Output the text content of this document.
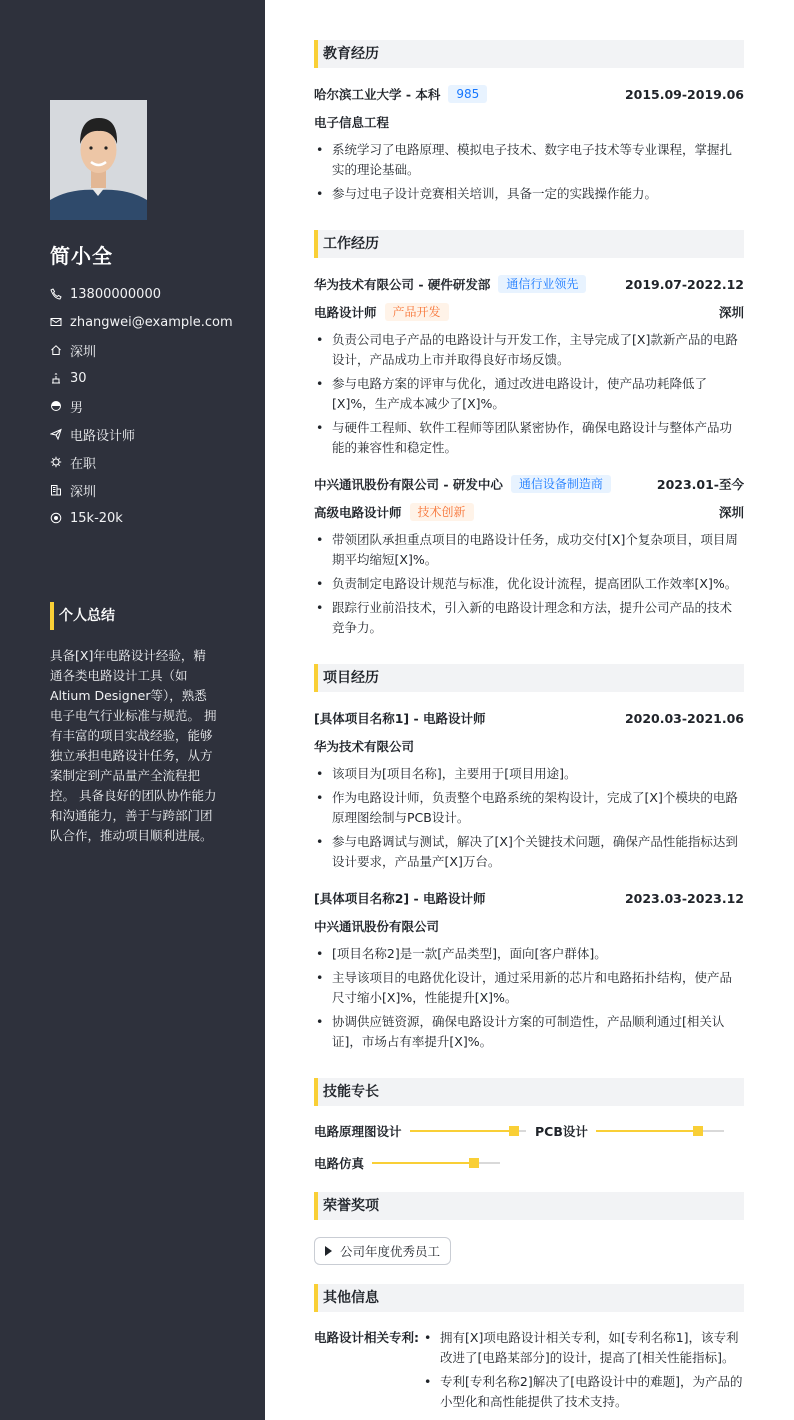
简小全
13800000000
zhangwei@example.com
深圳
30
男
电路设计师
在职
深圳
15k-20k
个人总结

具备[X]年电路设计经验，精通各类电路设计工具（如Altium Designer等），熟悉电子电气行业标准与规范。 拥有丰富的项目实战经验，能够独立承担电路设计任务，从方案制定到产品量产全流程把控。 具备良好的团队协作能力和沟通能力，善于与跨部门团队合作，推动项目顺利进展。

教育经历
哈尔滨工业大学 - 本科	985	2015.09-2019.06
电子信息工程
• 系统学习了电路原理、模拟电子技术、数字电子技术等专业课程，掌握扎实的理论基础。
• 参与过电子设计竞赛相关培训，具备一定的实践操作能力。
工作经历
华为技术有限公司 - 硬件研发部	通信行业领先	2019.07-2022.12
电路设计师	产品开发	深圳
• 负责公司电子产品的电路设计与开发工作，主导完成了[X]款新产品的电路设计，产品成功上市并取得良好市场反馈。
• 参与电路方案的评审与优化，通过改进电路设计，使产品功耗降低了[X]%，生产成本减少了[X]%。
• 与硬件工程师、软件工程师等团队紧密协作，确保电路设计与整体产品功能的兼容性和稳定性。
中兴通讯股份有限公司 - 研发中心	通信设备制造商	2023.01-至今
高级电路设计师	技术创新	深圳
• 带领团队承担重点项目的电路设计任务，成功交付[X]个复杂项目，项目周期平均缩短[X]%。
• 负责制定电路设计规范与标准，优化设计流程，提高团队工作效率[X]%。
• 跟踪行业前沿技术，引入新的电路设计理念和方法，提升公司产品的技术竞争力。
项目经历
[具体项目名称1] - 电路设计师	2020.03-2021.06
华为技术有限公司
• 该项目为[项目名称]，主要用于[项目用途]。
• 作为电路设计师，负责整个电路系统的架构设计，完成了[X]个模块的电路原理图绘制与PCB设计。
• 参与电路调试与测试，解决了[X]个关键技术问题，确保产品性能指标达到设计要求，产品量产[X]万台。
[具体项目名称2] - 电路设计师	2023.03-2023.12
中兴通讯股份有限公司
• [项目名称2]是一款[产品类型]，面向[客户群体]。
• 主导该项目的电路优化设计，通过采用新的芯片和电路拓扑结构，使产品尺寸缩小[X]%，性能提升[X]%。
• 协调供应链资源，确保电路设计方案的可制造性，产品顺利通过[相关认证]，市场占有率提升[X]%。
技能专长
电路原理图设计	PCB设计
电路仿真
荣誉奖项
公司年度优秀员工
其他信息
电路设计相关专利:
•	拥有[X]项电路设计相关专利，如[专利名称1]，该专利改进了[电路某部分]的设计，提高了[相关性能指标]。
• 专利[专利名称2]解决了[电路设计中的难题]，为产品的小型化和高性能提供了技术支持。
